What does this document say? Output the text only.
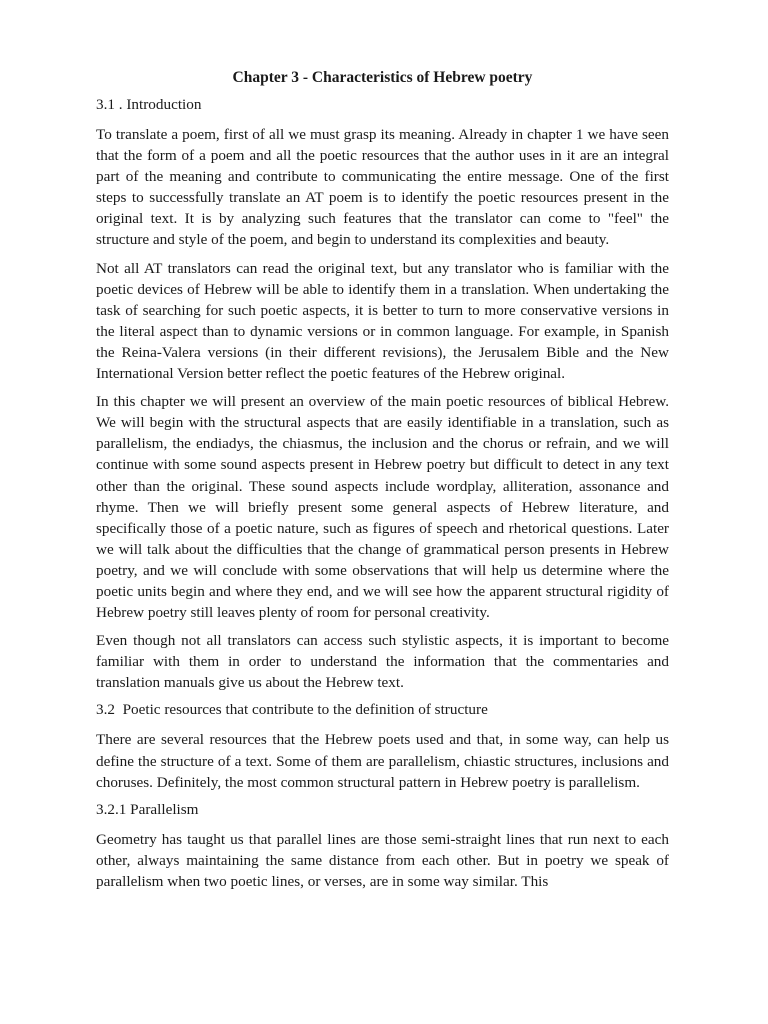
Chapter 3 - Characteristics of Hebrew poetry

3.1 . Introduction

To translate a poem, first of all we must grasp its meaning. Already in chapter 1 we have seen that the form of a poem and all the poetic resources that the author uses in it are an integral part of the meaning and contribute to communicating the entire message. One of the first steps to successfully translate an AT poem is to identify the poetic resources present in the original text. It is by analyzing such features that the translator can come to "feel" the structure and style of the poem, and begin to understand its complexities and beauty.

Not all AT translators can read the original text, but any translator who is familiar with the poetic devices of Hebrew will be able to identify them in a translation. When undertaking the task of searching for such poetic aspects, it is better to turn to more conservative versions in the literal aspect than to dynamic versions or in common language. For example, in Spanish the Reina-Valera versions (in their different revisions), the Jerusalem Bible and the New International Version better reflect the poetic features of the Hebrew original.

In this chapter we will present an overview of the main poetic resources of biblical Hebrew. We will begin with the structural aspects that are easily identifiable in a translation, such as parallelism, the endiadys, the chiasmus, the inclusion and the chorus or refrain, and we will continue with some sound aspects present in Hebrew poetry but difficult to detect in any text other than the original. These sound aspects include wordplay, alliteration, assonance and rhyme. Then we will briefly present some general aspects of Hebrew literature, and specifically those of a poetic nature, such as figures of speech and rhetorical questions. Later we will talk about the difficulties that the change of grammatical person presents in Hebrew poetry, and we will conclude with some observations that will help us determine where the poetic units begin and where they end, and we will see how the apparent structural rigidity of Hebrew poetry still leaves plenty of room for personal creativity.

Even though not all translators can access such stylistic aspects, it is important to become familiar with them in order to understand the information that the commentaries and translation manuals give us about the Hebrew text.

3.2  Poetic resources that contribute to the definition of structure

There are several resources that the Hebrew poets used and that, in some way, can help us define the structure of a text. Some of them are parallelism, chiastic structures, inclusions and choruses. Definitely, the most common structural pattern in Hebrew poetry is parallelism.

3.2.1 Parallelism

Geometry has taught us that parallel lines are those semi-straight lines that run next to each other, always maintaining the same distance from each other. But in poetry we speak of parallelism when two poetic lines, or verses, are in some way similar. This
